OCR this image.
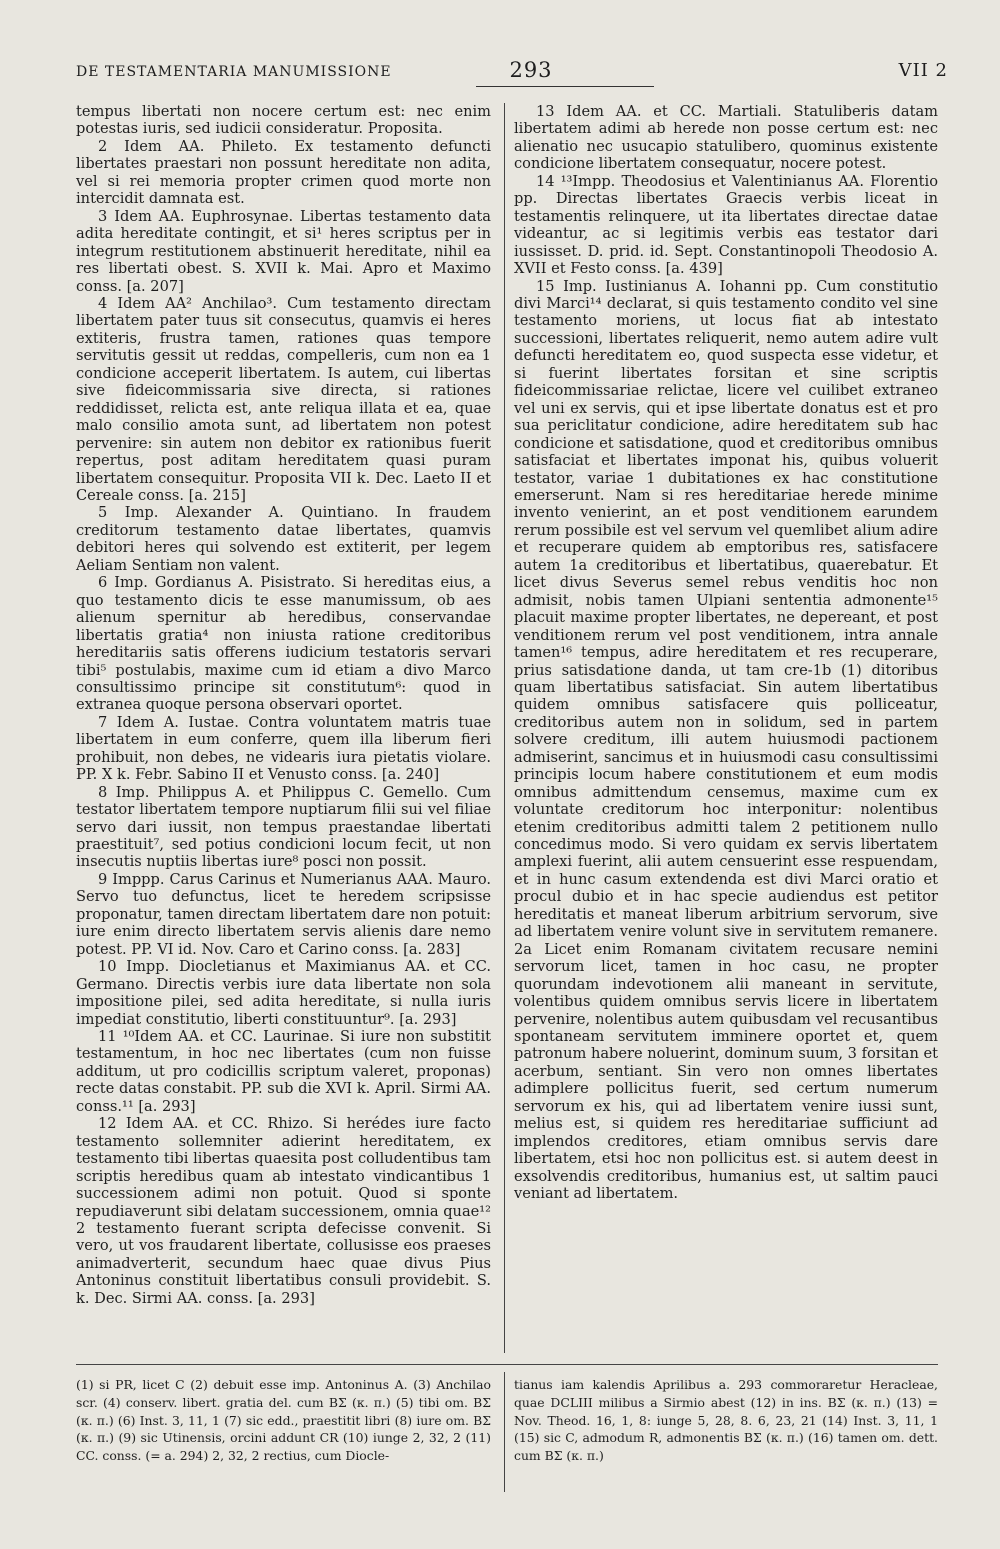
DE TESTAMENTARIA MANUMISSIONE	293	VII 2

tempus libertati non nocere certum est: nec enim potestas iuris, sed iudicii consideratur. Proposita.

2 Idem AA. Phileto. Ex testamento defuncti libertates praestari non possunt hereditate non adita, vel si rei memoria propter crimen quod morte non intercidit damnata est.

3 Idem AA. Euphrosynae. Libertas testamento data adita hereditate contingit, et si¹ heres scriptus per in integrum restitutionem abstinuerit hereditate, nihil ea res libertati obest. S. XVII k. Mai. Apro et Maximo conss. [a. 207]

4 Idem AA² Anchilao³. Cum testamento directam libertatem pater tuus sit consecutus, quamvis ei heres extiteris, frustra tamen, rationes quas tempore servitutis gessit ut reddas, compelleris, cum non ea 1 condicione acceperit libertatem. Is autem, cui libertas sive fideicommissaria sive directa, si rationes reddidisset, relicta est, ante reliqua illata et ea, quae malo consilio amota sunt, ad libertatem non potest pervenire: sin autem non debitor ex rationibus fuerit repertus, post aditam hereditatem quasi puram libertatem consequitur. Proposita VII k. Dec. Laeto II et Cereale conss. [a. 215]

5 Imp. Alexander A. Quintiano. In fraudem creditorum testamento datae libertates, quamvis debitori heres qui solvendo est extiterit, per legem Aeliam Sentiam non valent.

6 Imp. Gordianus A. Pisistrato. Si hereditas eius, a quo testamento dicis te esse manumissum, ob aes alienum spernitur ab heredibus, conservandae libertatis gratia⁴ non iniusta ratione creditoribus hereditariis satis offerens iudicium testatoris servari tibi⁵ postulabis, maxime cum id etiam a divo Marco consultissimo principe sit constitutum⁶: quod in extranea quoque persona observari oportet.

7 Idem A. Iustae. Contra voluntatem matris tuae libertatem in eum conferre, quem illa liberum fieri prohibuit, non debes, ne videaris iura pietatis violare. PP. X k. Febr. Sabino II et Venusto conss. [a. 240]

8 Imp. Philippus A. et Philippus C. Gemello. Cum testator libertatem tempore nuptiarum filii sui vel filiae servo dari iussit, non tempus praestandae libertati praestituit⁷, sed potius condicioni locum fecit, ut non insecutis nuptiis libertas iure⁸ posci non possit.

9 Imppp. Carus Carinus et Numerianus AAA. Mauro. Servo tuo defunctus, licet te heredem scripsisse proponatur, tamen directam libertatem dare non potuit: iure enim directo libertatem servis alienis dare nemo potest. PP. VI id. Nov. Caro et Carino conss. [a. 283]

10 Impp. Diocletianus et Maximianus AA. et CC. Germano. Directis verbis iure data libertate non sola impositione pilei, sed adita hereditate, si nulla iuris impediat constitutio, liberti constituuntur⁹. [a. 293]

11 ¹⁰Idem AA. et CC. Laurinae. Si iure non substitit testamentum, in hoc nec libertates (cum non fuisse additum, ut pro codicillis scriptum valeret, proponas) recte datas constabit. PP. sub die XVI k. April. Sirmi AA. conss.¹¹ [a. 293]

12 Idem AA. et CC. Rhizo. Si herédes iure facto testamento sollemniter adierint hereditatem, ex testamento tibi libertas quaesita post colludentibus tam scriptis heredibus quam ab intestato vindicantibus 1 successionem adimi non potuit. Quod si sponte repudiaverunt sibi delatam successionem, omnia quae¹² 2 testamento fuerant scripta defecisse convenit. Si vero, ut vos fraudarent libertate, collusisse eos praeses animadverterit, secundum haec quae divus Pius Antoninus constituit libertatibus consuli providebit. S. k. Dec. Sirmi AA. conss. [a. 293]

13 Idem AA. et CC. Martiali. Statuliberis datam libertatem adimi ab herede non posse certum est: nec alienatio nec usucapio statulibero, quominus existente condicione libertatem consequatur, nocere potest.

14 ¹³Impp. Theodosius et Valentinianus AA. Florentio pp. Directas libertates Graecis verbis liceat in testamentis relinquere, ut ita libertates directae datae videantur, ac si legitimis verbis eas testator dari iussisset. D. prid. id. Sept. Constantinopoli Theodosio A. XVII et Festo conss. [a. 439]

15 Imp. Iustinianus A. Iohanni pp. Cum constitutio divi Marci¹⁴ declarat, si quis testamento condito vel sine testamento moriens, ut locus fiat ab intestato successioni, libertates reliquerit, nemo autem adire vult defuncti hereditatem eo, quod suspecta esse videtur, et si fuerint libertates forsitan et sine scriptis fideicommissariae relictae, licere vel cuilibet extraneo vel uni ex servis, qui et ipse libertate donatus est et pro sua periclitatur condicione, adire hereditatem sub hac condicione et satisdatione, quod et creditoribus omnibus satisfaciat et libertates imponat his, quibus voluerit testator, variae 1 dubitationes ex hac constitutione emerserunt. Nam si res hereditariae herede minime invento venierint, an et post venditionem earundem rerum possibile est vel servum vel quemlibet alium adire et recuperare quidem ab emptoribus res, satisfacere autem 1a creditoribus et libertatibus, quaerebatur. Et licet divus Severus semel rebus venditis hoc non admisit, nobis tamen Ulpiani sententia admonente¹⁵ placuit maxime propter libertates, ne depereant, et post venditionem rerum vel post venditionem, intra annale tamen¹⁶ tempus, adire hereditatem et res recuperare, prius satisdatione danda, ut tam cre-1b (1) ditoribus quam libertatibus satisfaciat. Sin autem libertatibus quidem omnibus satisfacere quis polliceatur, creditoribus autem non in solidum, sed in partem solvere creditum, illi autem huiusmodi pactionem admiserint, sancimus et in huiusmodi casu consultissimi principis locum habere constitutionem et eum modis omnibus admittendum censemus, maxime cum ex voluntate creditorum hoc interponitur: nolentibus etenim creditoribus admitti talem 2 petitionem nullo concedimus modo. Si vero quidam ex servis libertatem amplexi fuerint, alii autem censuerint esse respuendam, et in hunc casum extendenda est divi Marci oratio et procul dubio et in hac specie audiendus est petitor hereditatis et maneat liberum arbitrium servorum, sive ad libertatem venire volunt sive in servitutem remanere. 2a Licet enim Romanam civitatem recusare nemini servorum licet, tamen in hoc casu, ne propter quorundam indevotionem alii maneant in servitute, volentibus quidem omnibus servis licere in libertatem pervenire, nolentibus autem quibusdam vel recusantibus spontaneam servitutem imminere oportet et, quem patronum habere noluerint, dominum suum, 3 forsitan et acerbum, sentiant. Sin vero non omnes libertates adimplere pollicitus fuerit, sed certum numerum servorum ex his, qui ad libertatem venire iussi sunt, melius est, si quidem res hereditariae sufficiunt ad implendos creditores, etiam omnibus servis dare libertatem, etsi hoc non pollicitus est. si autem deest in exsolvendis creditoribus, humanius est, ut saltim pauci veniant ad libertatem.

(1) si PR, licet C (2) debuit esse imp. Antoninus A. (3) Anchilao scr. (4) conserv. libert. gratia del. cum BΣ (κ. π.) (5) tibi om. BΣ (κ. π.) (6) Inst. 3, 11, 1 (7) sic edd., praestitit libri (8) iure om. BΣ (κ. π.) (9) sic Utinensis, orcini addunt CR (10) iunge 2, 32, 2 (11) CC. conss. (= a. 294) 2, 32, 2 rectius, cum Diocle-

tianus iam kalendis Aprilibus a. 293 commoraretur Heracleae, quae DCLIII milibus a Sirmio abest (12) in ins. BΣ (κ. π.) (13) = Nov. Theod. 16, 1, 8: iunge 5, 28, 8. 6, 23, 21 (14) Inst. 3, 11, 1 (15) sic C, admodum R, admonentis BΣ (κ. π.) (16) tamen om. dett. cum BΣ (κ. π.)
